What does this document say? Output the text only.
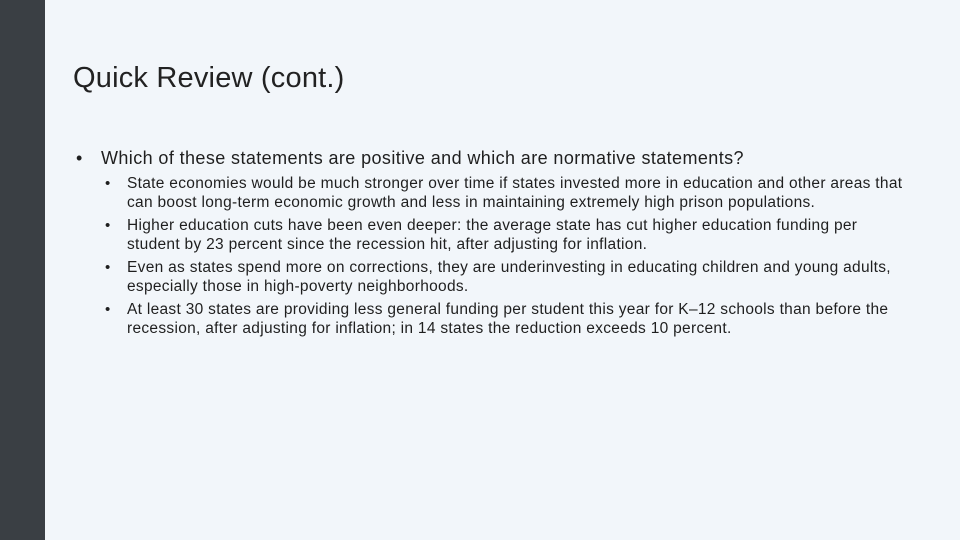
Quick Review (cont.)
• Which of these statements are positive and which are normative statements?
• State economies would be much stronger over time if states invested more in education and other areas that can boost long-term economic growth and less in maintaining extremely high prison populations.
• Higher education cuts have been even deeper: the average state has cut higher education funding per student by 23 percent since the recession hit, after adjusting for inflation.
• Even as states spend more on corrections, they are underinvesting in educating children and young adults, especially those in high-poverty neighborhoods.
• At least 30 states are providing less general funding per student this year for K–12 schools than before the recession, after adjusting for inflation; in 14 states the reduction exceeds 10 percent.
